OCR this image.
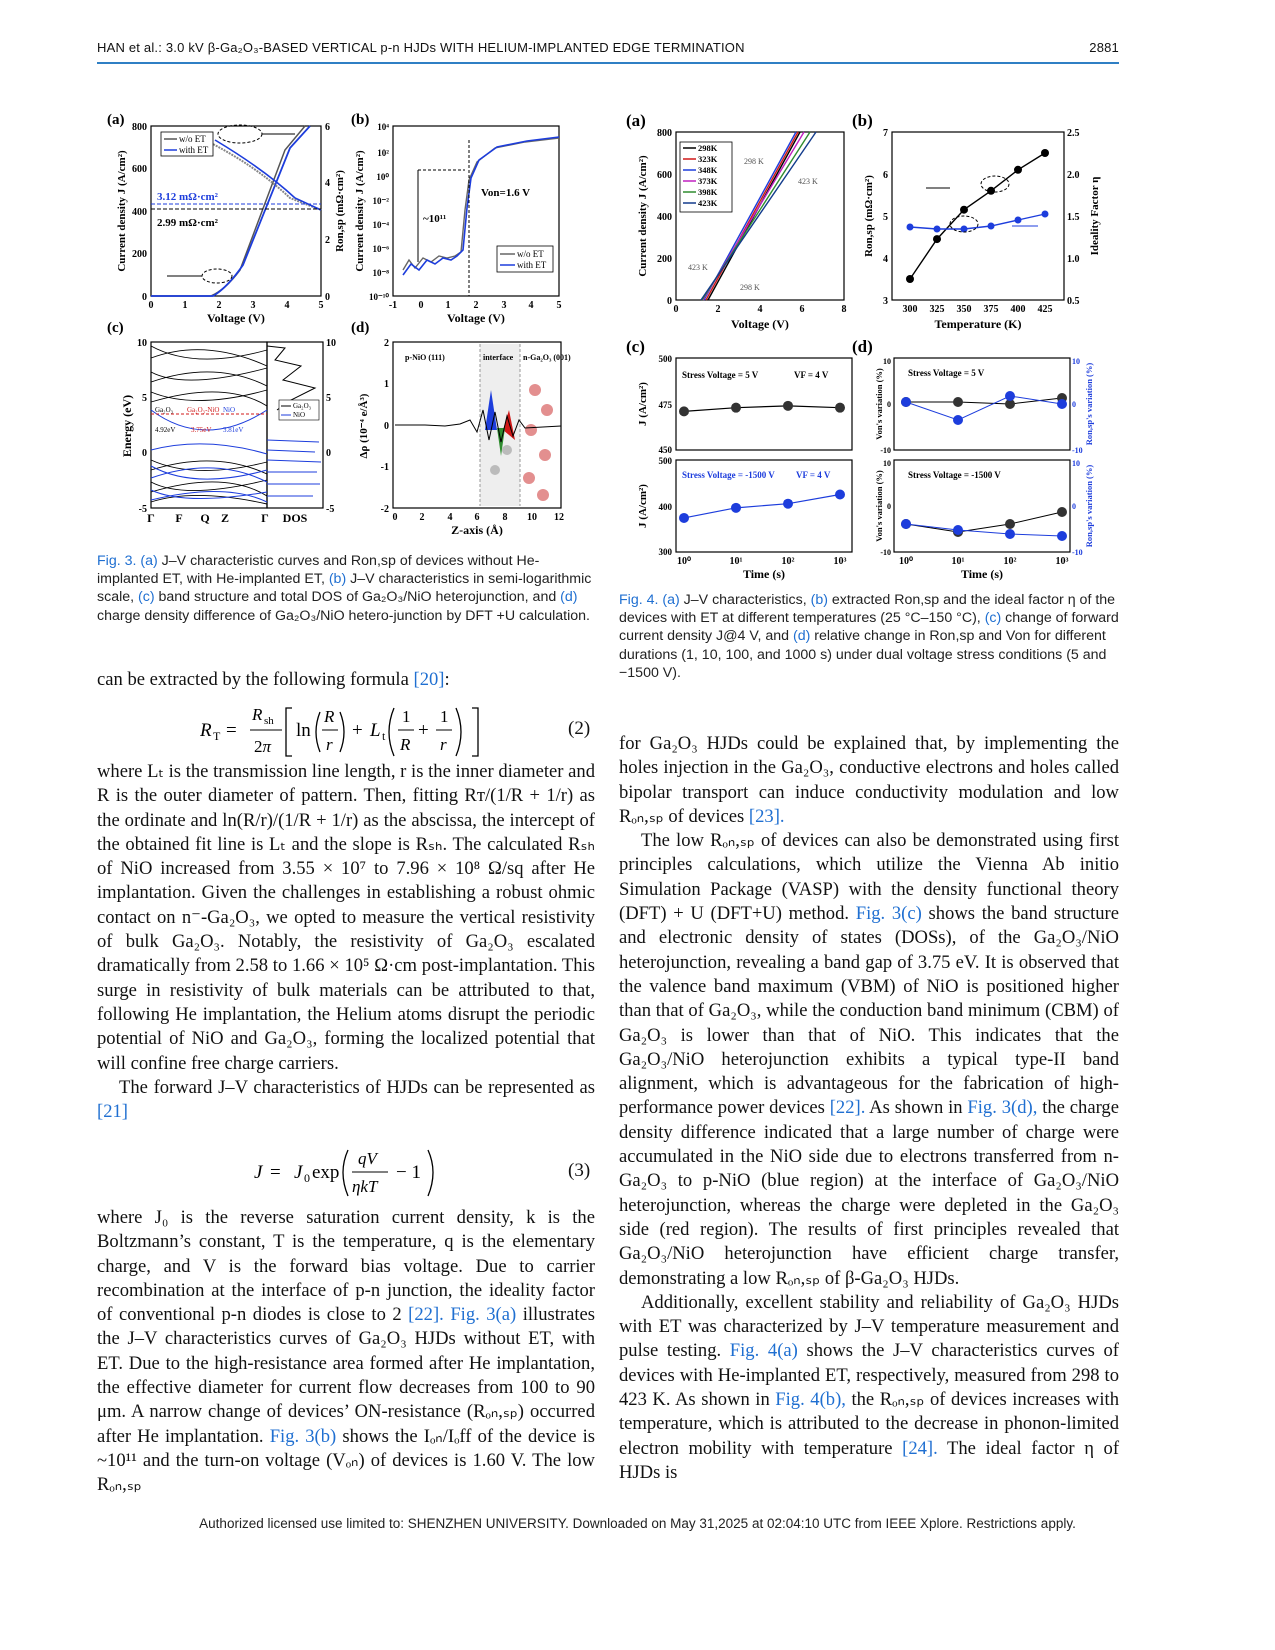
HAN et al.: 3.0 kV β-Ga₂O₃-BASED VERTICAL p-n HJDs WITH HELIUM-IMPLANTED EDGE TERMINATION	2881
(a)
0
200
400
600
800
0
2
4
6
0	1	2	3	4	5
Voltage (V)
Current density J (A/cm²)	Ron,sp (mΩ·cm²)
3.12 mΩ·cm²
2.99 mΩ·cm²
w/o ET
with ET
(b)
10⁻¹⁰
10⁻⁸
10⁻⁶
10⁻⁴
10⁻²
10⁰
10²
10⁴
-1 0 1 2 3 4 5
Voltage (V)
Current density J (A/cm²)	~10¹¹
Von=1.6 V
w/o ET
with ET
(c)
-5
0
5
10
-5
0
5
10
Energy (eV)
Γ F Q Z	Γ DOS
Ga₂O₃ Ga₂O₃-NiO NiO
4.92eV 3.75eV 3.81eV
Ga₂O₃
NiO
(d)
-2
-1
0
1
2
0 2 4 6 8 10 12
Z-axis (Å)
Δρ (10⁻⁴ e/Å³)
p-NiO (111)	interface n-Ga₂O₃ (001)
Fig. 3. (a) J–V characteristic curves and Ron,sp of devices without He-implanted ET, with He-implanted ET, (b) J–V characteristics in semi-logarithmic scale, (c) band structure and total DOS of Ga₂O₃/NiO heterojunction, and (d) charge density difference of Ga₂O₃/NiO hetero-junction by DFT +U calculation.
(a)
0
200
400
600
800
0	2	4	6	8
Voltage (V)
Current density J (A/cm²)
298K
323K
348K
373K
398K
423K
298 K
423 K
423 K
298 K
(b)
3
4
5
6
7
0.5
1.0
1.5
2.0
2.5
300 325 350 375 400 425
Temperature (K)
Ron,sp (mΩ·cm²)	Ideality Factor η
(c)
450
475
500
300
400
500
10⁰	10¹	10²	10³
Time (s)
J (A/cm²)
J (A/cm²)
Stress Voltage = 5 V	VF = 4 V
Stress Voltage = -1500 V VF = 4 V
(d)
-10
0
10
-10
0
10
-10
0
10
-10
0
10
10⁰	10¹	10²	10³
Time (s)
Von's variation (%)
Von's variation (%)
Ron,sp's variation (%)
Ron,sp's variation (%)
Stress Voltage = 5 V
Stress Voltage = -1500 V
Fig. 4. (a) J–V characteristics, (b) extracted Ron,sp and the ideal factor η of the devices with ET at different temperatures (25 °C–150 °C), (c) change of forward current density J@4 V, and (d) relative change in Ron,sp and Von for different durations (1, 10, 100, and 1000 s) under dual voltage stress conditions (5 and −1500 V).

can be extracted by the following formula [20]:

R T =
R sh
2π
ln
R
r
+ L t
1
R
+
1
r
(2)

where Lₜ is the transmission line length, r is the inner diameter and R is the outer diameter of pattern. Then, fitting Rᴛ/(1/R + 1/r) as the ordinate and ln(R/r)/(1/R + 1/r) as the abscissa, the intercept of the obtained fit line is Lₜ and the slope is Rₛₕ. The calculated Rₛₕ of NiO increased from 3.55 × 10⁷ to 7.96 × 10⁸ Ω/sq after He implantation. Given the challenges in establishing a robust ohmic contact on n⁻-Ga₂O₃, we opted to measure the vertical resistivity of bulk Ga₂O₃. Notably, the resistivity of Ga₂O₃ escalated dramatically from 2.58 to 1.66 × 10⁵ Ω·cm post-implantation. This surge in resistivity of bulk materials can be attributed to that, following He implantation, the Helium atoms disrupt the periodic potential of NiO and Ga₂O₃, forming the localized potential that will confine free charge carriers.

The forward J–V characteristics of HJDs can be represented as [21]

J = J 0 exp
qV
ηkT
− 1	(3)

where J₀ is the reverse saturation current density, k is the Boltzmann’s constant, T is the temperature, q is the elementary charge, and V is the forward bias voltage. Due to carrier recombination at the interface of p-n junction, the ideality factor of conventional p-n diodes is close to 2 [22]. Fig. 3(a) illustrates the J–V characteristics curves of Ga₂O₃ HJDs without ET, with ET. Due to the high-resistance area formed after He implantation, the effective diameter for current flow decreases from 100 to 90 μm. A narrow change of devices’ ON-resistance (Rₒₙ,ₛₚ) occurred after He implantation. Fig. 3(b) shows the Iₒₙ/Iₒff of the device is ~10¹¹ and the turn-on voltage (Vₒₙ) of devices is 1.60 V. The low Rₒₙ,ₛₚ

for Ga₂O₃ HJDs could be explained that, by implementing the holes injection in the Ga₂O₃, conductive electrons and holes called bipolar transport can induce conductivity modulation and low Rₒₙ,ₛₚ of devices [23].

The low Rₒₙ,ₛₚ of devices can also be demonstrated using first principles calculations, which utilize the Vienna Ab initio Simulation Package (VASP) with the density functional theory (DFT) + U (DFT+U) method. Fig. 3(c) shows the band structure and electronic density of states (DOSs), of the Ga₂O₃/NiO heterojunction, revealing a band gap of 3.75 eV. It is observed that the valence band maximum (VBM) of NiO is positioned higher than that of Ga₂O₃, while the conduction band minimum (CBM) of Ga₂O₃ is lower than that of NiO. This indicates that the Ga₂O₃/NiO heterojunction exhibits a typical type-II band alignment, which is advantageous for the fabrication of high-performance power devices [22]. As shown in Fig. 3(d), the charge density difference indicated that a large number of charge were accumulated in the NiO side due to electrons transferred from n-Ga₂O₃ to p-NiO (blue region) at the interface of Ga₂O₃/NiO heterojunction, whereas the charge were depleted in the Ga₂O₃ side (red region). The results of first principles revealed that Ga₂O₃/NiO heterojunction have efficient charge transfer, demonstrating a low Rₒₙ,ₛₚ of β-Ga₂O₃ HJDs.

Additionally, excellent stability and reliability of Ga₂O₃ HJDs with ET was characterized by J–V temperature measurement and pulse testing. Fig. 4(a) shows the J–V characteristics curves of devices with He-implanted ET, respectively, measured from 298 to 423 K. As shown in Fig. 4(b), the Rₒₙ,ₛₚ of devices increases with temperature, which is attributed to the decrease in phonon-limited electron mobility with temperature [24]. The ideal factor η of HJDs is

Authorized licensed use limited to: SHENZHEN UNIVERSITY. Downloaded on May 31,2025 at 02:04:10 UTC from IEEE Xplore. Restrictions apply.
